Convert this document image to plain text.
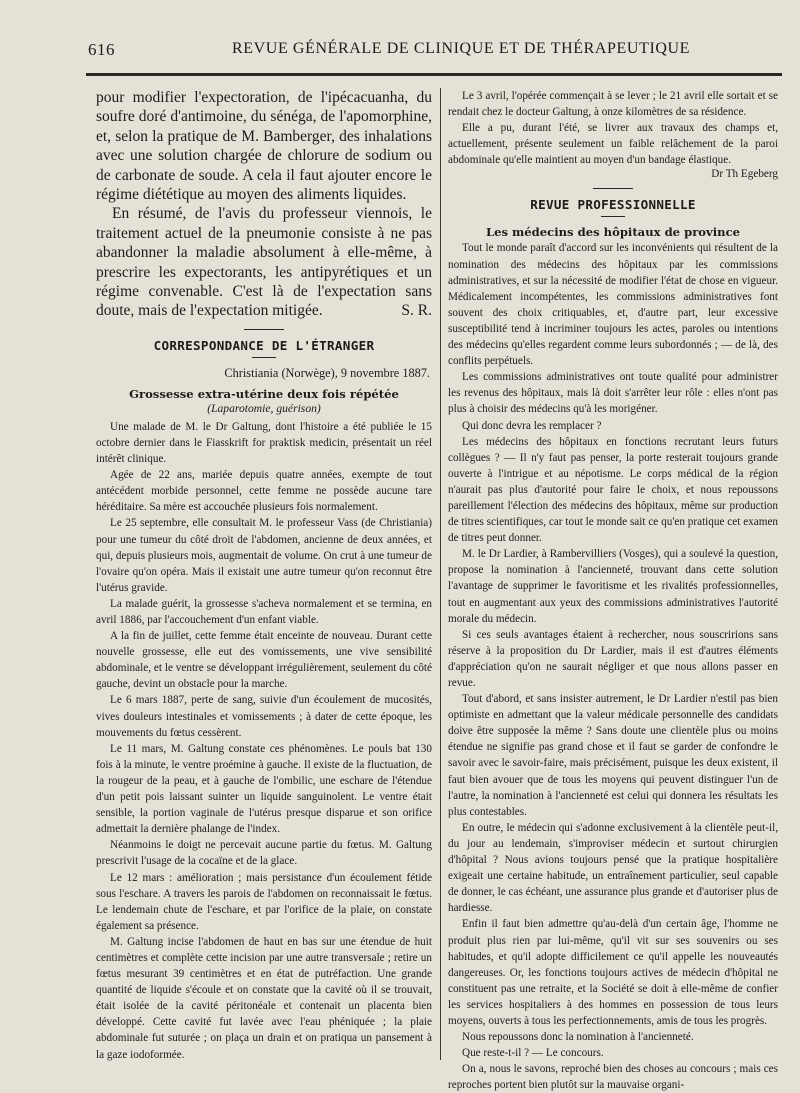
616	REVUE GÉNÉRALE DE CLINIQUE ET DE THÉRAPEUTIQUE

pour modifier l'expectoration, de l'ipécacuanha, du soufre doré d'antimoine, du sénéga, de l'apomorphine, et, selon la pratique de M. Bamberger, des inhalations avec une solution chargée de chlorure de sodium ou de carbonate de soude. A cela il faut ajouter encore le régime diététique au moyen des aliments liquides.

En résumé, de l'avis du professeur viennois, le traitement actuel de la pneumonie consiste à ne pas abandonner la maladie absolument à elle-même, à prescrire les expectorants, les antipyrétiques et un régime convenable. C'est là de l'expectation sans doute, mais de l'expectation mitigée.	S. R.

CORRESPONDANCE DE L'ÉTRANGER
Christiania (Norwège), 9 novembre 1887.
Grossesse extra-utérine deux fois répétée
(Laparotomie, guérison)

Une malade de M. le Dr Galtung, dont l'histoire a été publiée le 15 octobre dernier dans le Fiasskrift for praktisk medicin, présentait un réel intérêt clinique.

Agée de 22 ans, mariée depuis quatre années, exempte de tout antécédent morbide personnel, cette femme ne possède aucune tare héréditaire. Sa mère est accouchée plusieurs fois normalement.

Le 25 septembre, elle consultait M. le professeur Vass (de Christiania) pour une tumeur du côté droit de l'abdomen, ancienne de deux années, et qui, depuis plusieurs mois, augmentait de volume. On crut à une tumeur de l'ovaire qu'on opéra. Mais il existait une autre tumeur qu'on reconnut être l'utérus gravide.

La malade guérit, la grossesse s'acheva normalement et se termina, en avril 1886, par l'accouchement d'un enfant viable.

A la fin de juillet, cette femme était enceinte de nouveau. Durant cette nouvelle grossesse, elle eut des vomissements, une vive sensibilité abdominale, et le ventre se développant irrégulièrement, seulement du côté gauche, devint un obstacle pour la marche.

Le 6 mars 1887, perte de sang, suivie d'un écoulement de mucosités, vives douleurs intestinales et vomissements ; à dater de cette époque, les mouvements du fœtus cessèrent.

Le 11 mars, M. Galtung constate ces phénomènes. Le pouls bat 130 fois à la minute, le ventre proémine à gauche. Il existe de la fluctuation, de la rougeur de la peau, et à gauche de l'ombilic, une eschare de l'étendue d'un petit pois laissant suinter un liquide sanguinolent. Le ventre était sensible, la portion vaginale de l'utérus presque disparue et son orifice admettait la dernière phalange de l'index.

Néanmoins le doigt ne percevait aucune partie du fœtus. M. Galtung prescrivit l'usage de la cocaïne et de la glace.

Le 12 mars : amélioration ; mais persistance d'un écoulement fétide sous l'eschare. A travers les parois de l'abdomen on reconnaissait le fœtus. Le lendemain chute de l'eschare, et par l'orifice de la plaie, on constate également sa présence.

M. Galtung incise l'abdomen de haut en bas sur une étendue de huit centimètres et complète cette incision par une autre transversale ; retire un fœtus mesurant 39 centimètres et en état de putréfaction. Une grande quantité de liquide s'écoule et on constate que la cavité où il se trouvait, était isolée de la cavité péritonéale et contenait un placenta bien développé. Cette cavité fut lavée avec l'eau phéniquée ; la plaie abdominale fut suturée ; on plaça un drain et on pratiqua un pansement à la gaze iodoformée.

Le 3 avril, l'opérée commençait à se lever ; le 21 avril elle sortait et se rendait chez le docteur Galtung, à onze kilomètres de sa résidence.

Elle a pu, durant l'été, se livrer aux travaux des champs et, actuellement, présente seulement un faible relâchement de la paroi abdominale qu'elle maintient au moyen d'un bandage élastique.

Dr Th Egeberg
REVUE PROFESSIONNELLE
Les médecins des hôpitaux de province

Tout le monde paraît d'accord sur les inconvénients qui résultent de la nomination des médecins des hôpitaux par les commissions administratives, et sur la nécessité de modifier l'état de chose en vigueur. Médicalement incompétentes, les commissions administratives font souvent des choix critiquables, et, d'autre part, leur excessive susceptibilité tend à incriminer toujours les actes, paroles ou intentions des médecins qu'elles regardent comme leurs subordonnés ; — de là, des conflits perpétuels.

Les commissions administratives ont toute qualité pour administrer les revenus des hôpitaux, mais là doit s'arrêter leur rôle : elles n'ont pas plus à choisir des médecins qu'à les morigéner.

Qui donc devra les remplacer ?

Les médecins des hôpitaux en fonctions recrutant leurs futurs collègues ? — Il n'y faut pas penser, la porte resterait toujours grande ouverte à l'intrigue et au népotisme. Le corps médical de la région n'aurait pas plus d'autorité pour faire le choix, et nous repoussons pareillement l'élection des médecins des hôpitaux, même sur production de titres scientifiques, car tout le monde sait ce qu'en pratique cet examen de titres peut donner.

M. le Dr Lardier, à Rambervilliers (Vosges), qui a soulevé la question, propose la nomination à l'ancienneté, trouvant dans cette solution l'avantage de supprimer le favoritisme et les rivalités professionnelles, tout en augmentant aux yeux des commissions administratives l'autorité morale du médecin.

Si ces seuls avantages étaient à rechercher, nous souscririons sans réserve à la proposition du Dr Lardier, mais il est d'autres éléments d'appréciation qu'on ne saurait négliger et que nous allons passer en revue.

Tout d'abord, et sans insister autrement, le Dr Lardier n'estil pas bien optimiste en admettant que la valeur médicale personnelle des candidats doive être supposée la même ? Sans doute une clientèle plus ou moins étendue ne signifie pas grand chose et il faut se garder de confondre le savoir avec le savoir-faire, mais précisément, puisque les deux existent, il faut bien avouer que de tous les moyens qui peuvent distinguer l'un de l'autre, la nomination à l'ancienneté est celui qui donnera les résultats les plus contestables.

En outre, le médecin qui s'adonne exclusivement à la clientèle peut-il, du jour au lendemain, s'improviser médecin et surtout chirurgien d'hôpital ? Nous avions toujours pensé que la pratique hospitalière exigeait une certaine habitude, un entraînement particulier, seul capable de donner, le cas échéant, une assurance plus grande et d'autoriser plus de hardiesse.

Enfin il faut bien admettre qu'au-delà d'un certain âge, l'homme ne produit plus rien par lui-même, qu'il vit sur ses souvenirs ou ses habitudes, et qu'il adopte difficilement ce qu'il appelle les nouveautés dangereuses. Or, les fonctions toujours actives de médecin d'hôpital ne constituent pas une retraite, et la Société se doit à elle-même de confier les services hospitaliers à des hommes en possession de tous leurs moyens, ouverts à tous les perfectionnements, amis de tous les progrès.

Nous repoussons donc la nomination à l'ancienneté.

Que reste-t-il ? — Le concours.

On a, nous le savons, reproché bien des choses au concours ; mais ces reproches portent bien plutôt sur la mauvaise organi-
